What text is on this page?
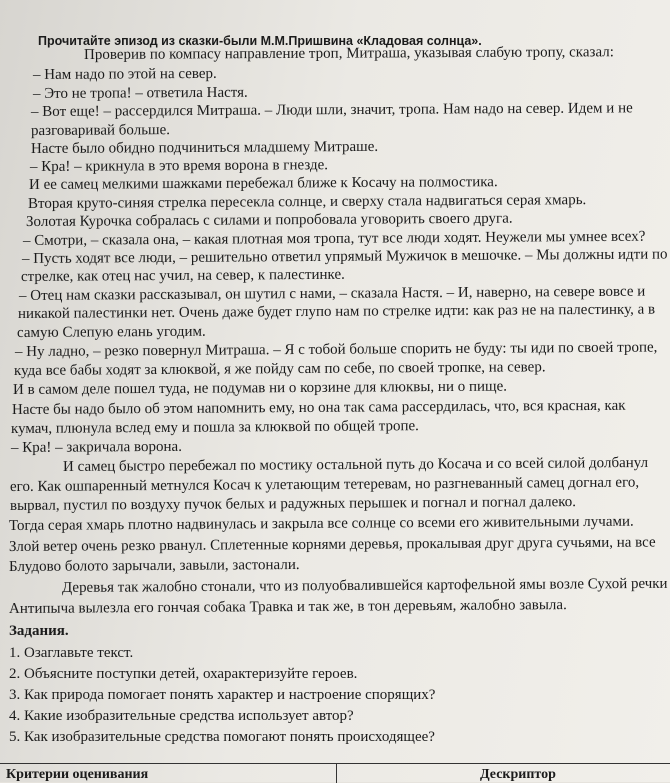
Прочитайте эпизод из сказки-были М.М.Пришвина «Кладовая солнца».
Проверив по компасу направление троп, Митраша, указывая слабую тропу, сказал:
– Нам надо по этой на север.
– Это не тропа! – ответила Настя.
– Вот еще! – рассердился Митраша. – Люди шли, значит, тропа. Нам надо на север. Идем и не
разговаривай больше.
Насте было обидно подчиниться младшему Митраше.
– Кра! – крикнула в это время ворона в гнезде.
И ее самец мелкими шажками перебежал ближе к Косачу на полмостика.
Вторая круто-синяя стрелка пересекла солнце, и сверху стала надвигаться серая хмарь.
Золотая Курочка собралась с силами и попробовала уговорить своего друга.
– Смотри, – сказала она, – какая плотная моя тропа, тут все люди ходят. Неужели мы умнее всех?
– Пусть ходят все люди, – решительно ответил упрямый Мужичок в мешочке. – Мы должны идти по
стрелке, как отец нас учил, на север, к палестинке.
– Отец нам сказки рассказывал, он шутил с нами, – сказала Настя. – И, наверно, на севере вовсе и
никакой палестинки нет. Очень даже будет глупо нам по стрелке идти: как раз не на палестинку, а в
самую Слепую елань угодим.
– Ну ладно, – резко повернул Митраша. – Я с тобой больше спорить не буду: ты иди по своей тропе,
куда все бабы ходят за клюквой, я же пойду сам по себе, по своей тропке, на север.
И в самом деле пошел туда, не подумав ни о корзине для клюквы, ни о пище.
Насте бы надо было об этом напомнить ему, но она так сама рассердилась, что, вся красная, как
кумач, плюнула вслед ему и пошла за клюквой по общей тропе.
– Кра! – закричала ворона.
И самец быстро перебежал по мостику остальной путь до Косача и со всей силой долбанул
его. Как ошпаренный метнулся Косач к улетающим тетеревам, но разгневанный самец догнал его,
вырвал, пустил по воздуху пучок белых и радужных перышек и погнал и погнал далеко.
Тогда серая хмарь плотно надвинулась и закрыла все солнце со всеми его живительными лучами.
Злой ветер очень резко рванул. Сплетенные корнями деревья, прокалывая друг друга сучьями, на все
Блудово болото зарычали, завыли, застонали.
Деревья так жалобно стонали, что из полуобвалившейся картофельной ямы возле Сухой речки
Антипыча вылезла его гончая собака Травка и так же, в тон деревьям, жалобно завыла.
Задания.
1. Озаглавьте текст.
2. Объясните поступки детей, охарактеризуйте героев.
3. Как природа помогает понять характер и настроение спорящих?
4. Какие изобразительные средства использует автор?
5. Как изобразительные средства помогают понять происходящее?
Критерии оценивания	Дескриптор
